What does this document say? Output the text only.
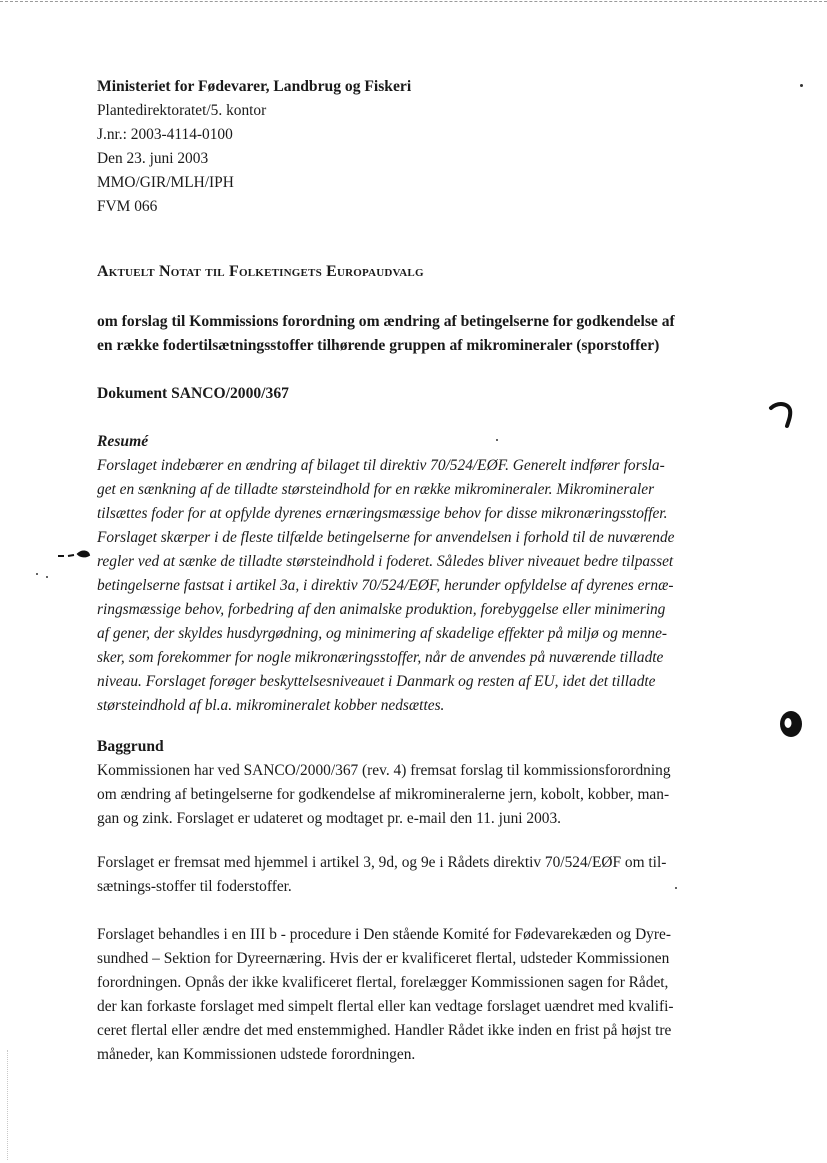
Ministeriet for Fødevarer, Landbrug og Fiskeri
Plantedirektoratet/5. kontor
J.nr.: 2003-4114-0100
Den 23. juni 2003
MMO/GIR/MLH/IPH
FVM 066
Aktuelt Notat til Folketingets Europaudvalg
om forslag til Kommissions forordning om ændring af betingelserne for godkendelse af
en række fodertilsætningsstoffer tilhørende gruppen af mikromineraler (sporstoffer)
Dokument SANCO/2000/367
Resumé
Forslaget indebærer en ændring af bilaget til direktiv 70/524/EØF. Generelt indfører forsla-
get en sænkning af de tilladte størsteindhold for en række mikromineraler. Mikromineraler
tilsættes foder for at opfylde dyrenes ernæringsmæssige behov for disse mikronæringsstoffer.
Forslaget skærper i de fleste tilfælde betingelserne for anvendelsen i forhold til de nuværende
regler ved at sænke de tilladte størsteindhold i foderet. Således bliver niveauet bedre tilpasset
betingelserne fastsat i artikel 3a, i direktiv 70/524/EØF, herunder opfyldelse af dyrenes ernæ-
ringsmæssige behov, forbedring af den animalske produktion, forebyggelse eller minimering
af gener, der skyldes husdyrgødning, og minimering af skadelige effekter på miljø og menne-
sker, som forekommer for nogle mikronæringsstoffer, når de anvendes på nuværende tilladte
niveau. Forslaget forøger beskyttelsesniveauet i Danmark og resten af EU, idet det tilladte
størsteindhold af bl.a. mikromineralet kobber nedsættes.
Baggrund
Kommissionen har ved SANCO/2000/367 (rev. 4) fremsat forslag til kommissionsforordning
om ændring af betingelserne for godkendelse af mikromineralerne jern, kobolt, kobber, man-
gan og zink. Forslaget er udateret og modtaget pr. e-mail den 11. juni 2003.
Forslaget er fremsat med hjemmel i artikel 3, 9d, og 9e i Rådets direktiv 70/524/EØF om til-
sætnings-stoffer til foderstoffer.
Forslaget behandles i en III b - procedure i Den stående Komité for Fødevarekæden og Dyre-
sundhed – Sektion for Dyreernæring. Hvis der er kvalificeret flertal, udsteder Kommissionen
forordningen. Opnås der ikke kvalificeret flertal, forelægger Kommissionen sagen for Rådet,
der kan forkaste forslaget med simpelt flertal eller kan vedtage forslaget uændret med kvalifi-
ceret flertal eller ændre det med enstemmighed. Handler Rådet ikke inden en frist på højst tre
måneder, kan Kommissionen udstede forordningen.
